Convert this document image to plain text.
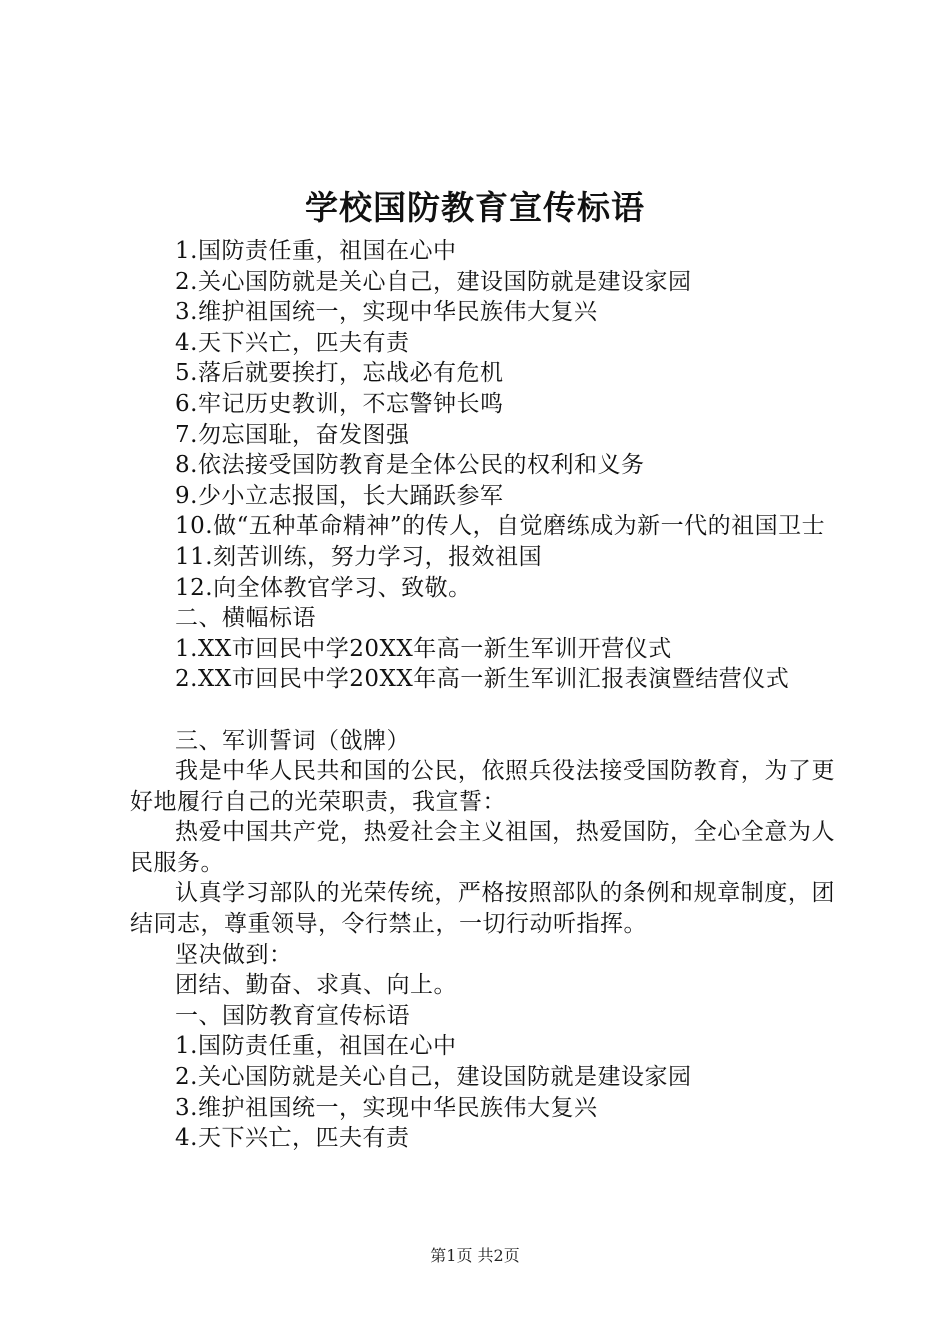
学校国防教育宣传标语
1.国防责任重，祖国在心中
2.关心国防就是关心自己，建设国防就是建设家园
3.维护祖国统一，实现中华民族伟大复兴
4.天下兴亡，匹夫有责
5.落后就要挨打，忘战必有危机
6.牢记历史教训，不忘警钟长鸣
7.勿忘国耻，奋发图强
8.依法接受国防教育是全体公民的权利和义务
9.少小立志报国，长大踊跃参军
10.做“五种革命精神”的传人，自觉磨练成为新一代的祖国卫士
11.刻苦训练，努力学习，报效祖国
12.向全体教官学习、致敬。
二、横幅标语
1.XX市回民中学20XX年高一新生军训开营仪式
2.XX市回民中学20XX年高一新生军训汇报表演暨结营仪式
三、军训誓词（戗牌）
我是中华人民共和国的公民，依照兵役法接受国防教育，为了更好地履行自己的光荣职责，我宣誓：
热爱中国共产党，热爱社会主义祖国，热爱国防，全心全意为人民服务。
认真学习部队的光荣传统，严格按照部队的条例和规章制度，团结同志，尊重领导，令行禁止，一切行动听指挥。
坚决做到：
团结、勤奋、求真、向上。
一、国防教育宣传标语
1.国防责任重，祖国在心中
2.关心国防就是关心自己，建设国防就是建设家园
3.维护祖国统一，实现中华民族伟大复兴
4.天下兴亡，匹夫有责
第1页 共2页
